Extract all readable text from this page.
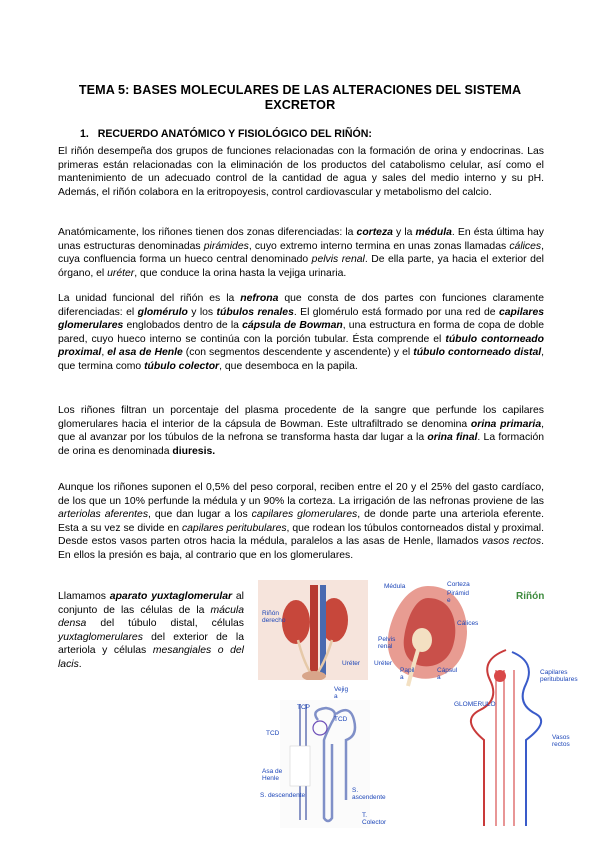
TEMA 5: BASES MOLECULARES DE LAS ALTERACIONES DEL SISTEMA
EXCRETOR
1. RECUERDO ANATÓMICO Y FISIOLÓGICO DEL RIÑÓN:
El riñón desempeña dos grupos de funciones relacionadas con la formación de orina y endocrinas. Las primeras están relacionadas con la eliminación de los productos del catabolismo celular, así como el mantenimiento de un adecuado control de la cantidad de agua y sales del medio interno y su pH. Además, el riñón colabora en la eritropoyesis, control cardiovascular y metabolismo del calcio.
Anatómicamente, los riñones tienen dos zonas diferenciadas: la corteza y la médula. En ésta última hay unas estructuras denominadas pirámides, cuyo extremo interno termina en unas zonas llamadas cálices, cuya confluencia forma un hueco central denominado pelvis renal. De ella parte, ya hacia el exterior del órgano, el uréter, que conduce la orina hasta la vejiga urinaria.
La unidad funcional del riñón es la nefrona que consta de dos partes con funciones claramente diferenciadas: el glomérulo y los túbulos renales. El glomérulo está formado por una red de capilares glomerulares englobados dentro de la cápsula de Bowman, una estructura en forma de copa de doble pared, cuyo hueco interno se continúa con la porción tubular. Ésta comprende el túbulo contorneado proximal, el asa de Henle (con segmentos descendente y ascendente) y el túbulo contorneado distal, que termina como túbulo colector, que desemboca en la papila.
Los riñones filtran un porcentaje del plasma procedente de la sangre que perfunde los capilares glomerulares hacia el interior de la cápsula de Bowman. Este ultrafiltrado se denomina orina primaria, que al avanzar por los túbulos de la nefrona se transforma hasta dar lugar a la orina final. La formación de orina es denominada diuresis.
Aunque los riñones suponen el 0,5% del peso corporal, reciben entre el 20 y el 25% del gasto cardíaco, de los que un 10% perfunde la médula y un 90% la corteza. La irrigación de las nefronas proviene de las arteriolas aferentes, que dan lugar a los capilares glomerulares, de donde parte una arteriola eferente. Esta a su vez se divide en capilares peritubulares, que rodean los túbulos contorneados distal y proximal. Desde estos vasos parten otros hacia la médula, paralelos a las asas de Henle, llamados vasos rectos. En ellos la presión es baja, al contrario que en los glomerulares.
Llamamos aparato yuxtaglomerular al conjunto de las células de la mácula densa del túbulo distal, células yuxtaglomerulares del exterior de la arteriola y células mesangiales o del lacis.
Riñón
derecho
Uréter
Vejig
a
Médula	Corteza
Pirámid
e
Cálices
Pelvis
renal
Uréter
Papil
a
Cápsul
a
Riñón
TCP
TCD
TCD
Asa de
Henle
S. descendente
S.
ascendente
T.
Colector
Capilares
peritubulares
GLOMERULO
Vasos
rectos
